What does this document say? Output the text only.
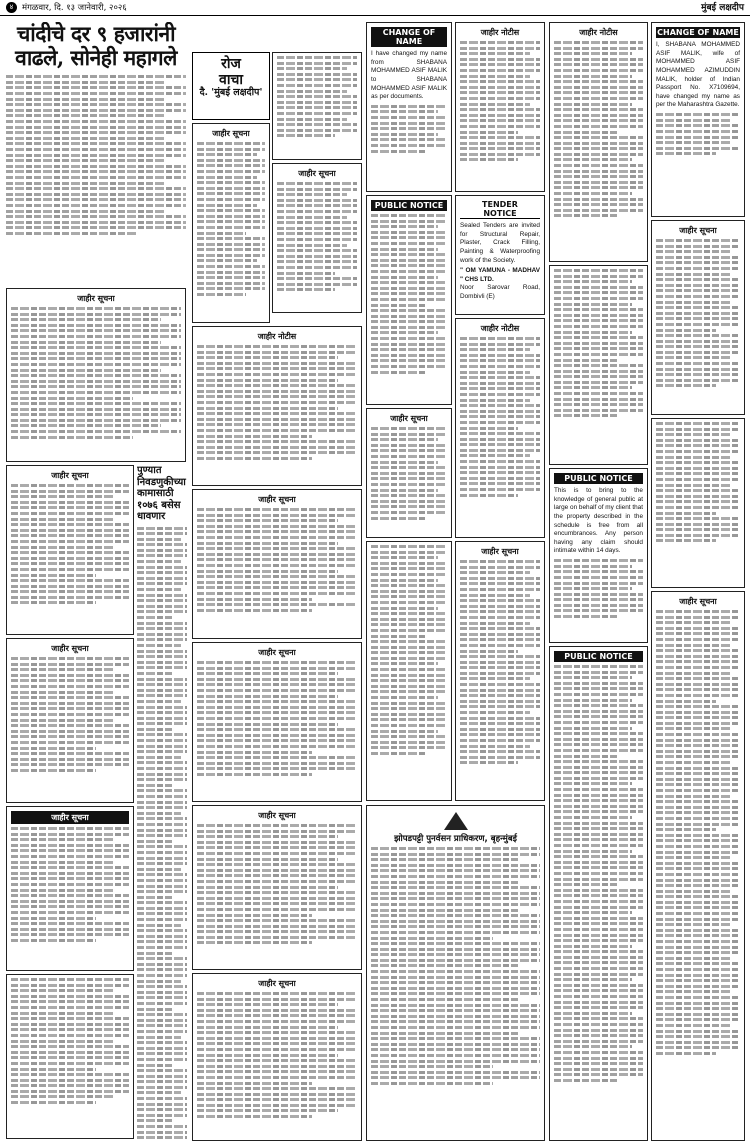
४	मंगळवार, दि. १३ जानेवारी, २०२६	मुंबई लक्षदीप
चांदीचे दर ९ हजारांनी वाढले, सोनेही महागले
जाहीर सूचना
जाहीर सूचना
जाहीर सूचना
जाहीर सूचना
पुण्यात निवडणुकीच्या कामासाठी १०७६ बसेस धावणार
रोज
वाचा
दै. 'मुंबई लक्षदीप'
जाहीर सूचना
जाहीर सूचना
जाहीर नोटीस
जाहीर सूचना
जाहीर सूचना
जाहीर सूचना
जाहीर सूचना
CHANGE OF NAME
I have changed my name from SHABANA MOHAMMED ASIF MALIK to SHABANA MOHAMMED ASIF MALIK as per documents.
PUBLIC NOTICE
जाहीर सूचना
जाहीर नोटीस
TENDER NOTICE
Sealed Tenders are invited for Structural Repair, Plaster, Crack Filling, Painting & Waterproofing work of the Society.
" OM YAMUNA - MADHAV " CHS LTD.
Noor Sarovar Road, Dombivli (E)
जाहीर नोटीस
जाहीर सूचना
झोपडपट्टी पुनर्वसन प्राधिकरण, बृहन्मुंबई
जाहीर नोटीस
PUBLIC NOTICE
This is to bring to the knowledge of general public at large on behalf of my client that the property described in the schedule is free from all encumbrances. Any person having any claim should intimate within 14 days.
PUBLIC NOTICE
CHANGE OF NAME
I, SHABANA MOHAMMED ASIF MALIK, wife of MOHAMMED ASIF MOHAMMED AZIMUDDIN MALIK, holder of Indian Passport No. X7109694, have changed my name as per the Maharashtra Gazette.
जाहीर सूचना
जाहीर सूचना
